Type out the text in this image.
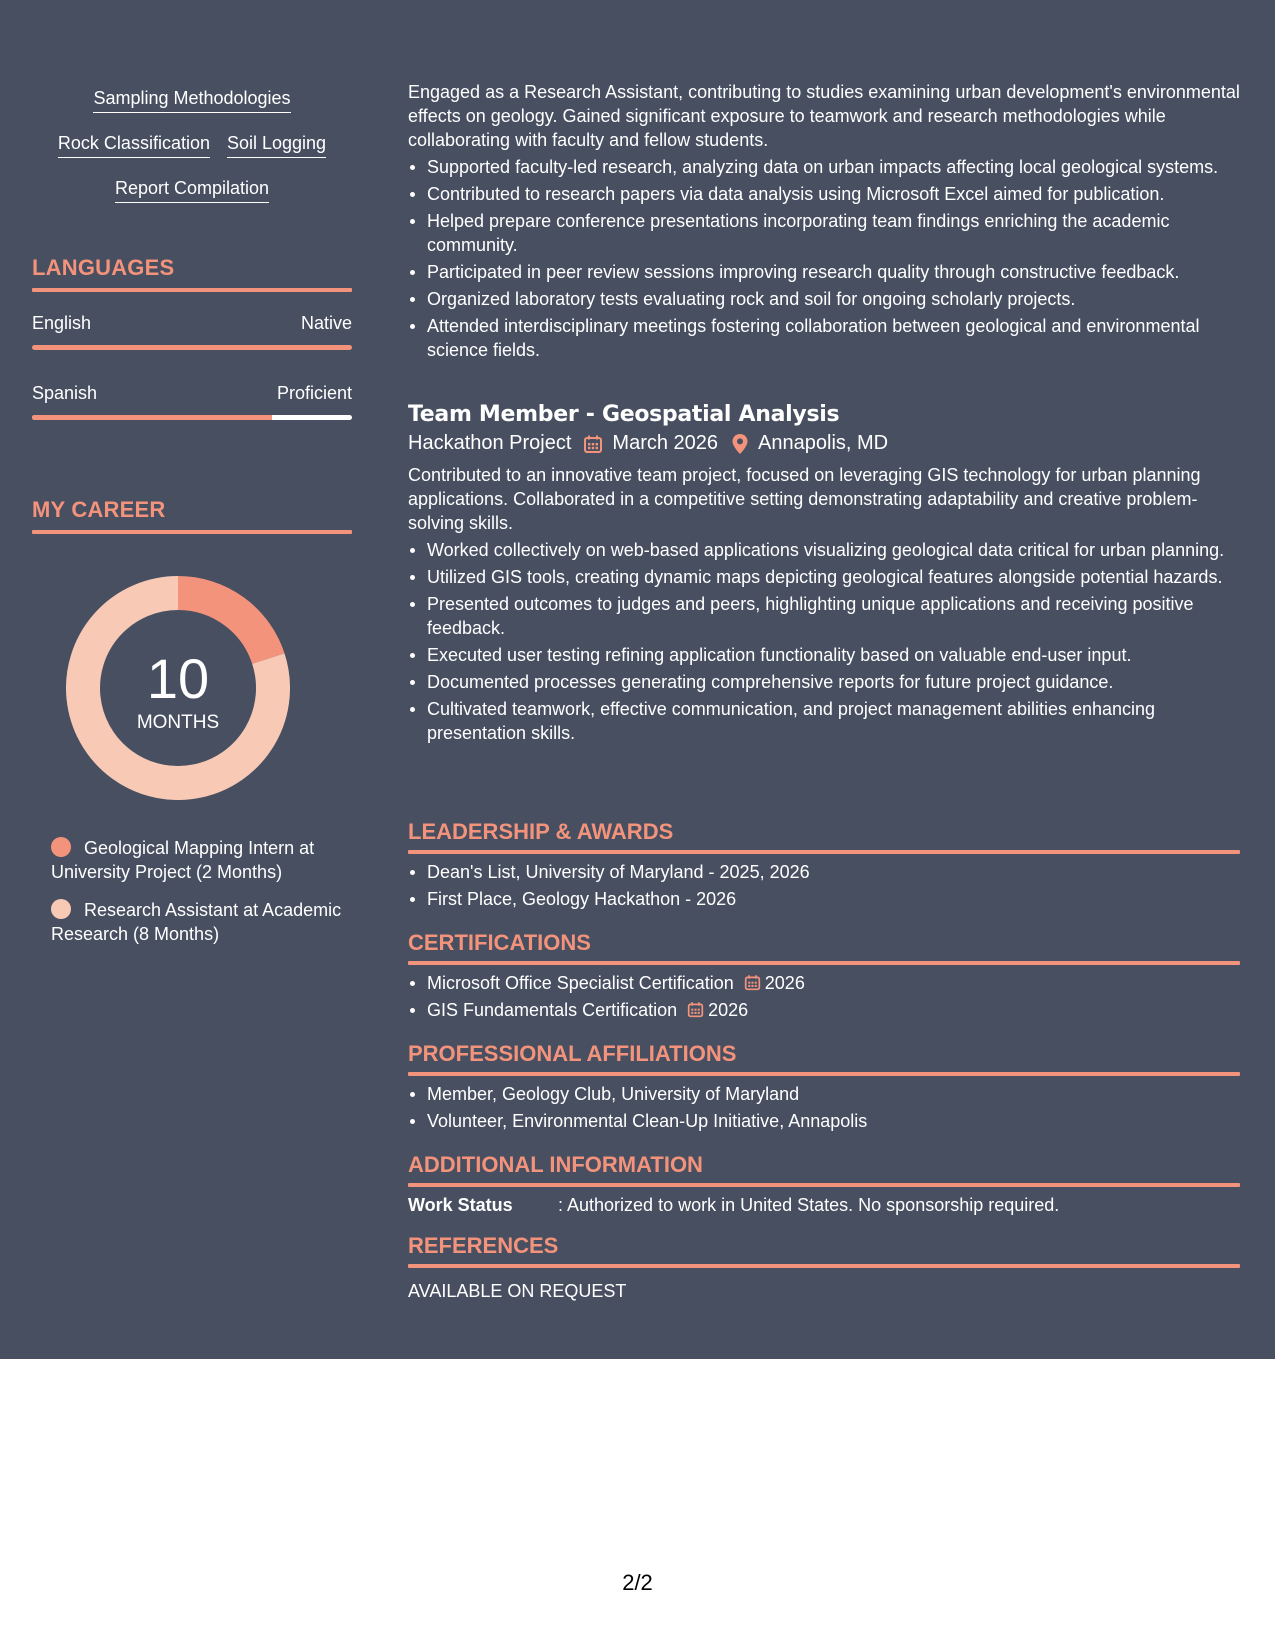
Sampling Methodologies
Rock Classification Soil Logging
Report Compilation
LANGUAGES
English	Native
Spanish	Proficient
MY CAREER
10
MONTHS
Geological Mapping Intern at University Project (2 Months)
Research Assistant at Academic Research (8 Months)
Engaged as a Research Assistant, contributing to studies examining urban development's environmental effects on geology. Gained significant exposure to teamwork and research methodologies while collaborating with faculty and fellow students.
Supported faculty-led research, analyzing data on urban impacts affecting local geological systems.
Contributed to research papers via data analysis using Microsoft Excel aimed for publication.
Helped prepare conference presentations incorporating team findings enriching the academic community.
Participated in peer review sessions improving research quality through constructive feedback.
Organized laboratory tests evaluating rock and soil for ongoing scholarly projects.
Attended interdisciplinary meetings fostering collaboration between geological and environmental science fields.
Team Member - Geospatial Analysis
Hackathon Project March 2026 Annapolis, MD
Contributed to an innovative team project, focused on leveraging GIS technology for urban planning applications. Collaborated in a competitive setting demonstrating adaptability and creative problem-solving skills.
Worked collectively on web-based applications visualizing geological data critical for urban planning.
Utilized GIS tools, creating dynamic maps depicting geological features alongside potential hazards.
Presented outcomes to judges and peers, highlighting unique applications and receiving positive feedback.
Executed user testing refining application functionality based on valuable end-user input.
Documented processes generating comprehensive reports for future project guidance.
Cultivated teamwork, effective communication, and project management abilities enhancing presentation skills.
LEADERSHIP & AWARDS
Dean's List, University of Maryland - 2025, 2026
First Place, Geology Hackathon - 2026
CERTIFICATIONS
Microsoft Office Specialist Certification 2026
GIS Fundamentals Certification 2026
PROFESSIONAL AFFILIATIONS
Member, Geology Club, University of Maryland
Volunteer, Environmental Clean-Up Initiative, Annapolis
ADDITIONAL INFORMATION
Work Status	: Authorized to work in United States. No sponsorship required.
REFERENCES
AVAILABLE ON REQUEST
2/2
